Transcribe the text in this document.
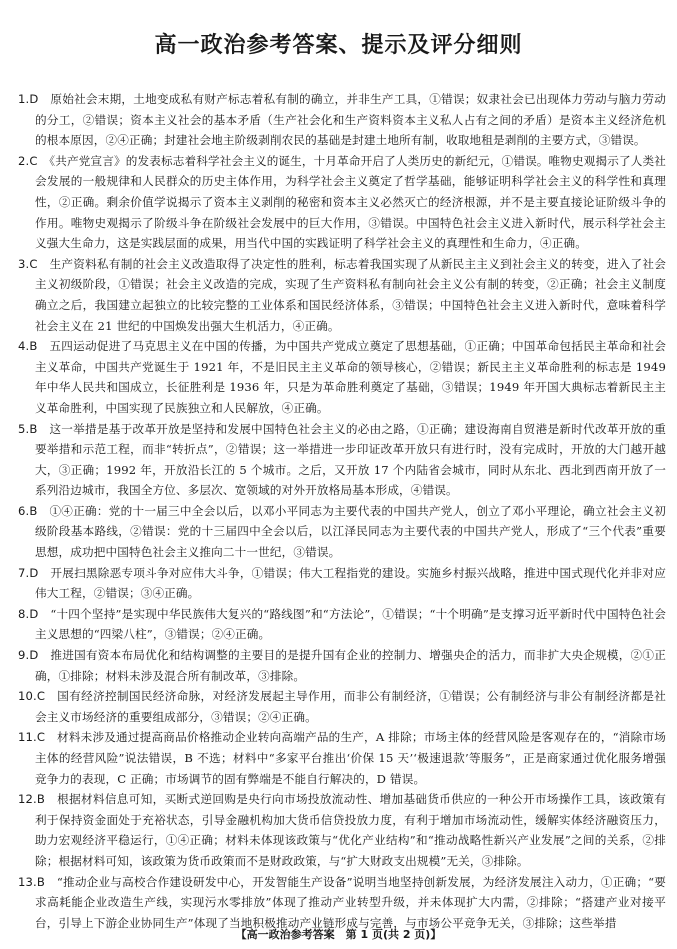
高一政治参考答案、提示及评分细则

1.D　 原始社会末期，土地变成私有财产标志着私有制的确立，并非生产工具，①错误；奴隶社会已出现体力劳动与脑力劳动的分工，②错误；资本主义社会的基本矛盾（生产社会化和生产资料资本主义私人占有之间的矛盾）是资本主义经济危机的根本原因，②④正确；封建社会地主阶级剥削农民的基础是封建土地所有制，收取地租是剥削的主要方式，③错误。

2.C　 《共产党宣言》的发表标志着科学社会主义的诞生，十月革命开启了人类历史的新纪元，①错误。唯物史观揭示了人类社会发展的一般规律和人民群众的历史主体作用，为科学社会主义奠定了哲学基础，能够证明科学社会主义的科学性和真理性，②正确。剩余价值学说揭示了资本主义剥削的秘密和资本主义必然灭亡的经济根源，并不是主要直接论证阶级斗争的作用。唯物史观揭示了阶级斗争在阶级社会发展中的巨大作用，③错误。中国特色社会主义进入新时代，展示科学社会主义强大生命力，这是实践层面的成果，用当代中国的实践证明了科学社会主义的真理性和生命力，④正确。

3.C　 生产资料私有制的社会主义改造取得了决定性的胜利，标志着我国实现了从新民主主义到社会主义的转变，进入了社会主义初级阶段，①错误；社会主义改造的完成，实现了生产资料私有制向社会主义公有制的转变，②正确；社会主义制度确立之后，我国建立起独立的比较完整的工业体系和国民经济体系，③错误；中国特色社会主义进入新时代，意味着科学社会主义在 21 世纪的中国焕发出强大生机活力，④正确。

4.B　 五四运动促进了马克思主义在中国的传播，为中国共产党成立奠定了思想基础，①正确；中国革命包括民主革命和社会主义革命，中国共产党诞生于 1921 年，不是旧民主主义革命的领导核心，②错误；新民主主义革命胜利的标志是 1949 年中华人民共和国成立，长征胜利是 1936 年，只是为革命胜利奠定了基础，③错误；1949 年开国大典标志着新民主主义革命胜利，中国实现了民族独立和人民解放，④正确。

5.B　 这一举措是基于改革开放是坚持和发展中国特色社会主义的必由之路，①正确；建设海南自贸港是新时代改革开放的重要举措和示范工程，而非“转折点”，②错误；这一举措进一步印证改革开放只有进行时，没有完成时，开放的大门越开越大，③正确；1992 年，开放沿长江的 5 个城市。之后，又开放 17 个内陆省会城市，同时从东北、西北到西南开放了一系列沿边城市，我国全方位、多层次、宽领域的对外开放格局基本形成，④错误。

6.B　 ①④正确：党的十一届三中全会以后，以邓小平同志为主要代表的中国共产党人，创立了邓小平理论，确立社会主义初级阶段基本路线，②错误：党的十三届四中全会以后，以江泽民同志为主要代表的中国共产党人，形成了“三个代表”重要思想，成功把中国特色社会主义推向二十一世纪，③错误。

7.D　 开展扫黑除恶专项斗争对应伟大斗争，①错误；伟大工程指党的建设。实施乡村振兴战略，推进中国式现代化并非对应伟大工程，②错误；③④正确。

8.D　 “十四个坚持”是实现中华民族伟大复兴的“路线图”和“方法论”，①错误；“十个明确”是支撑习近平新时代中国特色社会主义思想的“四梁八柱”，③错误；②④正确。

9.D　 推进国有资本布局优化和结构调整的主要目的是提升国有企业的控制力、增强央企的活力，而非扩大央企规模，②①正确，①排除；材料未涉及混合所有制改革，③排除。

10.C　 国有经济控制国民经济命脉，对经济发展起主导作用，而非公有制经济，①错误；公有制经济与非公有制经济都是社会主义市场经济的重要组成部分，③错误；②④正确。

11.C　 材料未涉及通过提高商品价格推动企业转向高端产品的生产，A 排除；市场主体的经营风险是客观存在的，“消除市场主体的经营风险”说法错误，B 不选；材料中“多家平台推出‘价保 15 天’‘极速退款’等服务”，正是商家通过优化服务增强竞争力的表现，C 正确；市场调节的固有弊端是不能自行解决的，D 错误。

12.B　 根据材料信息可知，买断式逆回购是央行向市场投放流动性、增加基础货币供应的一种公开市场操作工具，该政策有利于保持资金面处于充裕状态，引导金融机构加大货币信贷投放力度，有利于增加市场流动性，缓解实体经济融资压力，助力宏观经济平稳运行，①④正确；材料未体现该政策与“优化产业结构”和“推动战略性新兴产业发展”之间的关系，②排除；根据材料可知，该政策为货币政策而不是财政政策，与“扩大财政支出规模”无关，③排除。

13.B　 “推动企业与高校合作建设研发中心，开发智能生产设备”说明当地坚持创新发展，为经济发展注入动力，①正确；“要求高耗能企业改造生产线，实现污水零排放”体现了推动产业转型升级，并未体现扩大内需，②排除；“搭建产业对接平台，引导上下游企业协同生产”体现了当地积极推动产业链形成与完善，与市场公平竞争无关，③排除；这些举措

【高一政治参考答案　第 1 页(共 2 页)】
